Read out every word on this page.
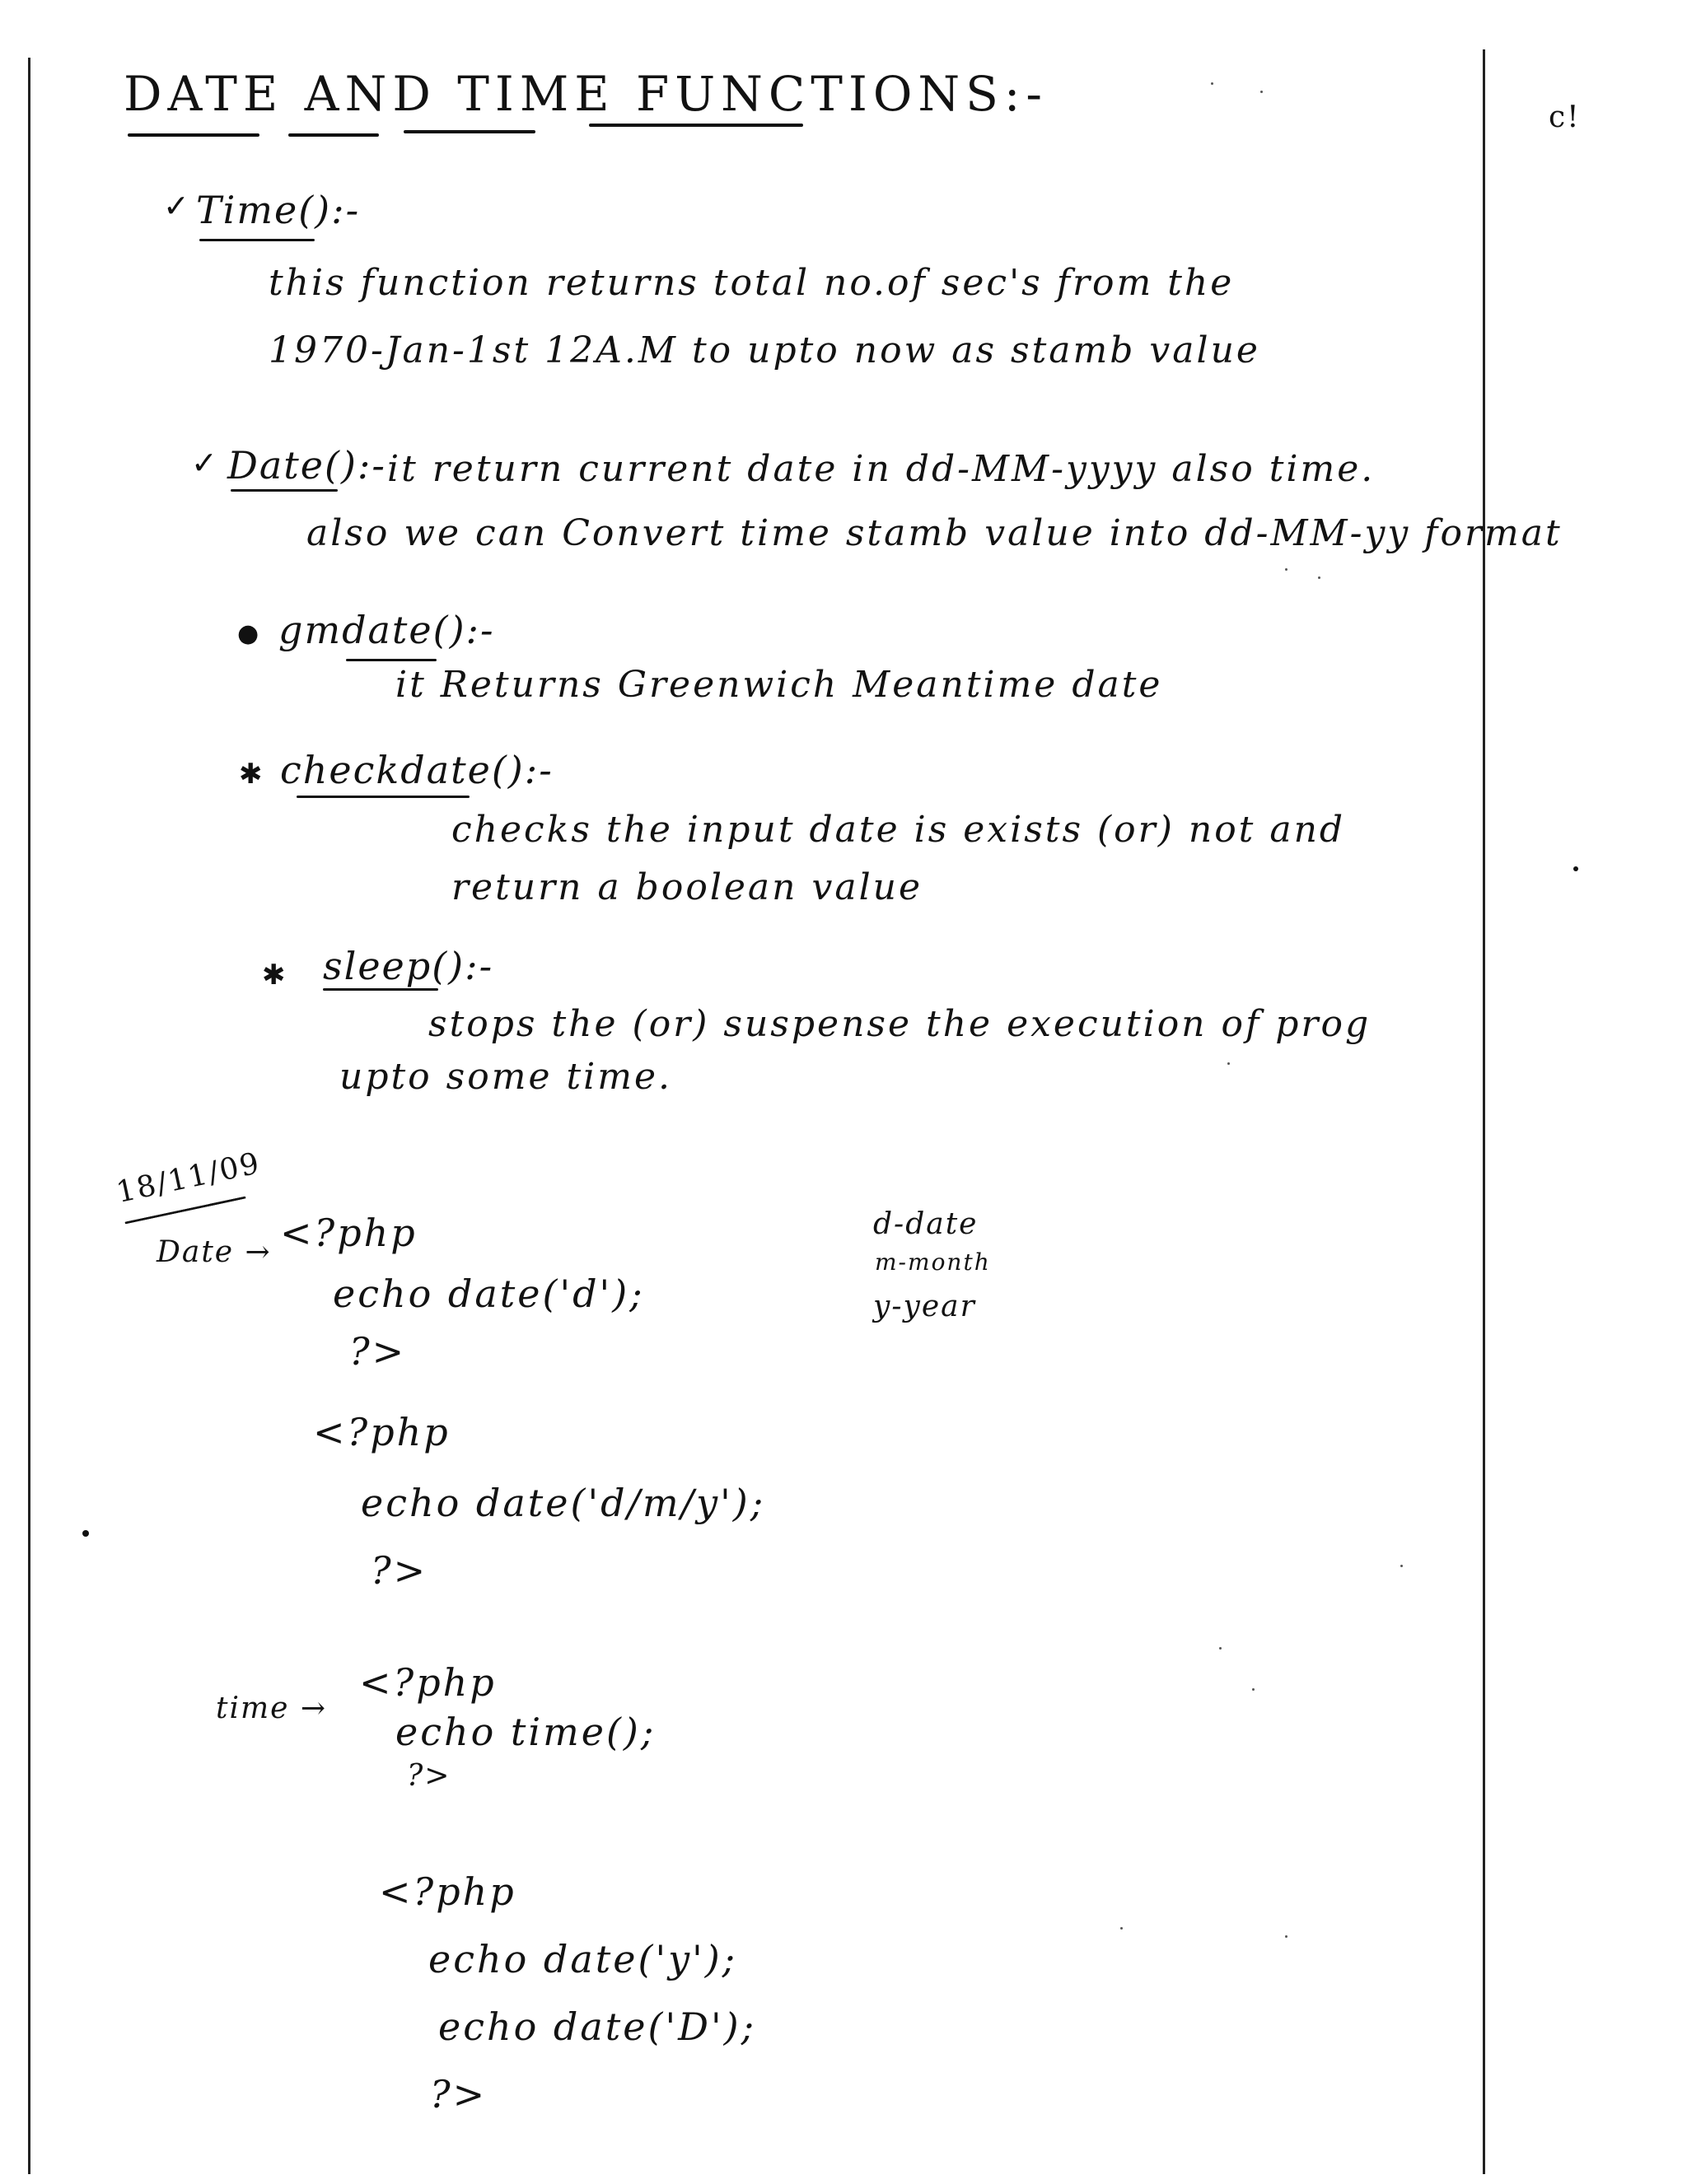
DATE AND TIME FUNCTIONS:-	c!
✓ Time():-
this function returns total no.of sec's from the
1970-Jan-1st 12A.M to upto now as stamb value
✓ Date():- it return current date in dd-MM-yyyy also time.
also we can Convert time stamb value into dd-MM-yy format
● gmdate():-
it Returns Greenwich Meantime date
✱ checkdate():-
checks the input date is exists (or) not and
return a boolean value
✱ sleep():-
stops the (or) suspense the execution of prog
upto some time.
18/11/09
Date → <?php
echo date('d');
?>
d-date
m-month
y-year
<?php
echo date('d/m/y');
?>
time →
<?php
echo time();
?>
<?php
echo date('y');
echo date('D');
?>
